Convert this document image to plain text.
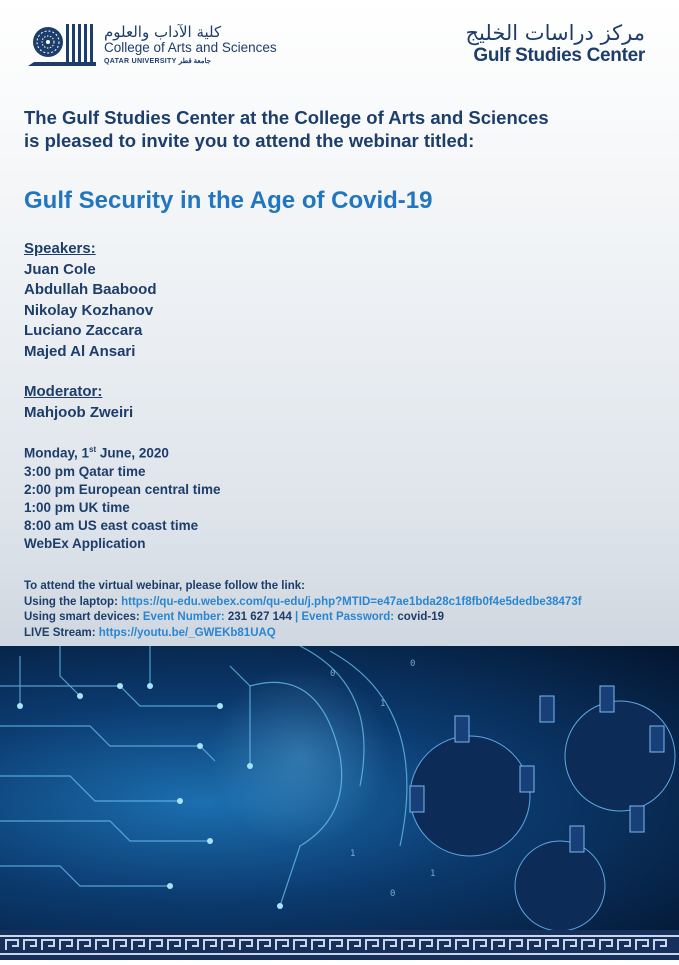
كلية الآداب والعلوم
College of Arts and Sciences
QATAR UNIVERSITY جامعة قطر
مركز دراسات الخليج
Gulf Studies Center
The Gulf Studies Center at the College of Arts and Sciences
is pleased to invite you to attend the webinar titled:
Gulf Security in the Age of Covid-19
Speakers:
Juan Cole
Abdullah Baabood
Nikolay Kozhanov
Luciano Zaccara
Majed Al Ansari
Moderator:
Mahjoob Zweiri
Monday, 1st June, 2020
3:00 pm Qatar time
2:00 pm European central time
1:00 pm UK time
8:00 am US east coast time
WebEx Application
To attend the virtual webinar, please follow the link:
Using the laptop: https://qu-edu.webex.com/qu-edu/j.php?MTID=e47ae1bda28c1f8fb0f4e5dedbe38473f
Using smart devices: Event Number: 231 627 144 | Event Password: covid-19
LIVE Stream: https://youtu.be/_GWEKb81UAQ
0
1
0
1
0
1
